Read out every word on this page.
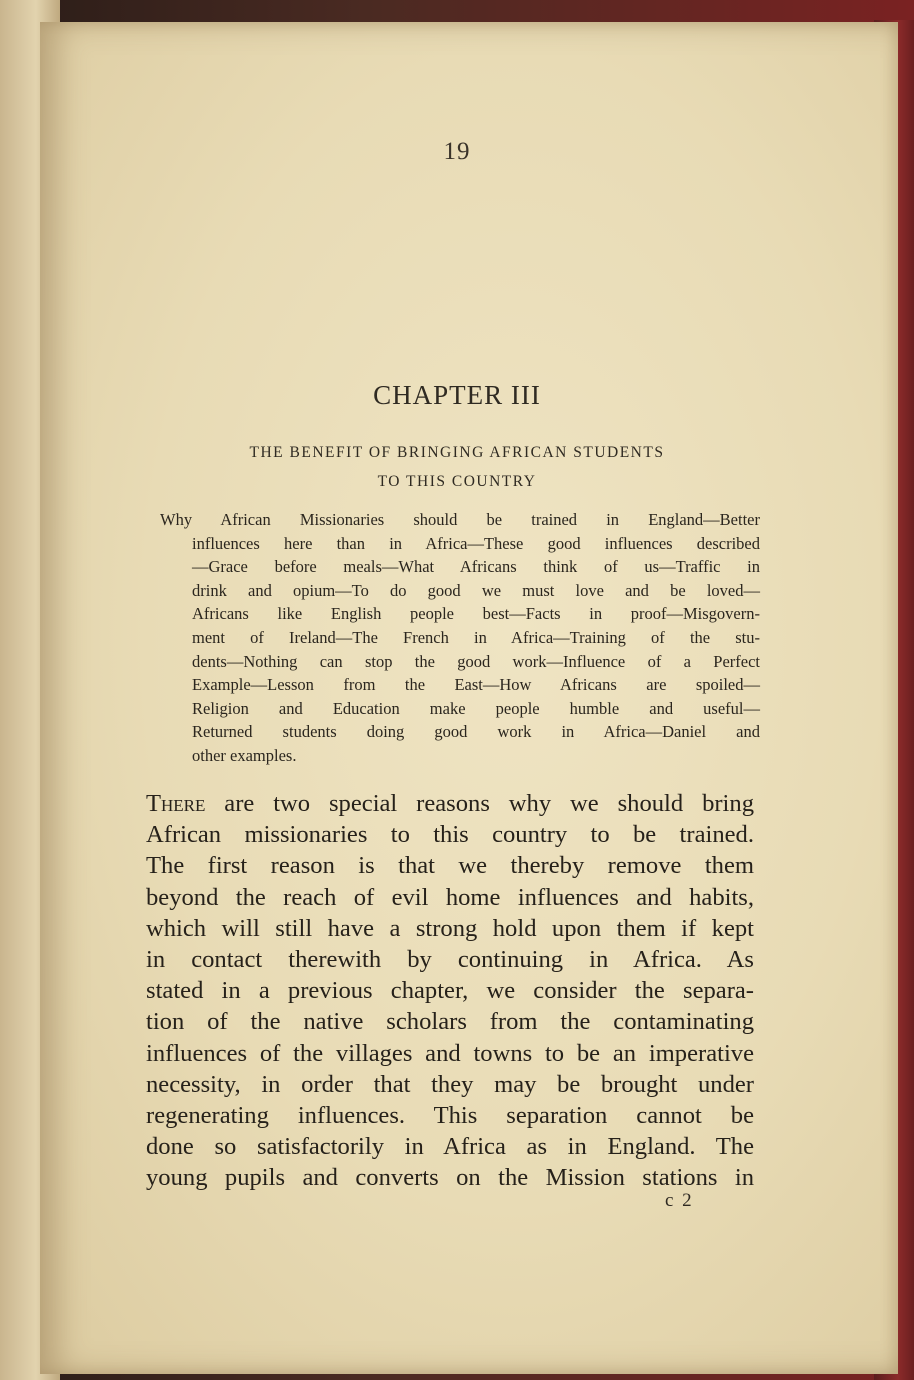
19
CHAPTER III
THE BENEFIT OF BRINGING AFRICAN STUDENTS
TO THIS COUNTRY
Why African Missionaries should be trained in England—Better
influences here than in Africa—These good influences described
—Grace before meals—What Africans think of us—Traffic in
drink and opium—To do good we must love and be loved—
Africans like English people best—Facts in proof—Misgovern-
ment of Ireland—The French in Africa—Training of the stu-
dents—Nothing can stop the good work—Influence of a Perfect
Example—Lesson from the East—How Africans are spoiled—
Religion and Education make people humble and useful—
Returned students doing good work in Africa—Daniel and
other examples.
There are two special reasons why we should bring
African missionaries to this country to be trained.
The first reason is that we thereby remove them
beyond the reach of evil home influences and habits,
which will still have a strong hold upon them if kept
in contact therewith by continuing in Africa. As
stated in a previous chapter, we consider the separa-
tion of the native scholars from the contaminating
influences of the villages and towns to be an imperative
necessity, in order that they may be brought under
regenerating influences. This separation cannot be
done so satisfactorily in Africa as in England. The
young pupils and converts on the Mission stations in
c 2
